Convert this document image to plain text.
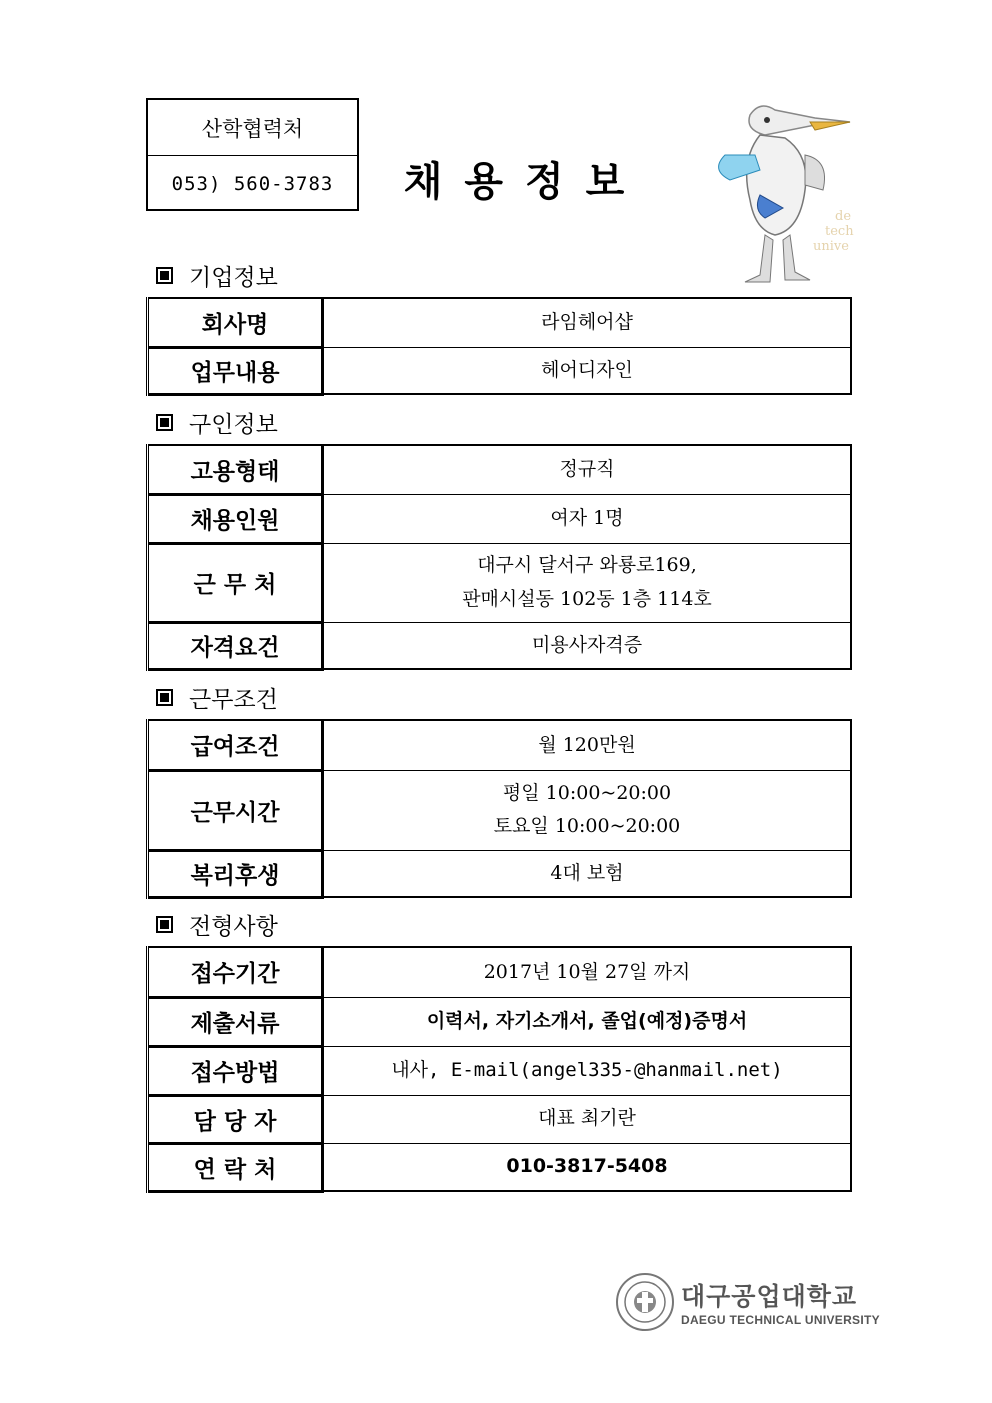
산학협력처
053) 560-3783	채용정보
de
tech
unive
기업정보
회사명	라임헤어샵
업무내용	헤어디자인
구인정보
고용형태	정규직
채용인원	여자 1명
근 무 처	대구시 달서구 와룡로169,
판매시설동 102동 1층 114호

자격요건	미용사자격증
근무조건
급여조건	월 120만원
근무시간	평일 10:00~20:00
토요일 10:00~20:00

복리후생	4대 보험
전형사항
접수기간	2017년 10월 27일 까지
제출서류	이력서, 자기소개서, 졸업(예정)증명서
접수방법	내사, E-mail(angel335-@hanmail.net)
담 당 자	대표 최기란
연 락 처	010-3817-5408
대구공업대학교
DAEGU TECHNICAL UNIVERSITY
